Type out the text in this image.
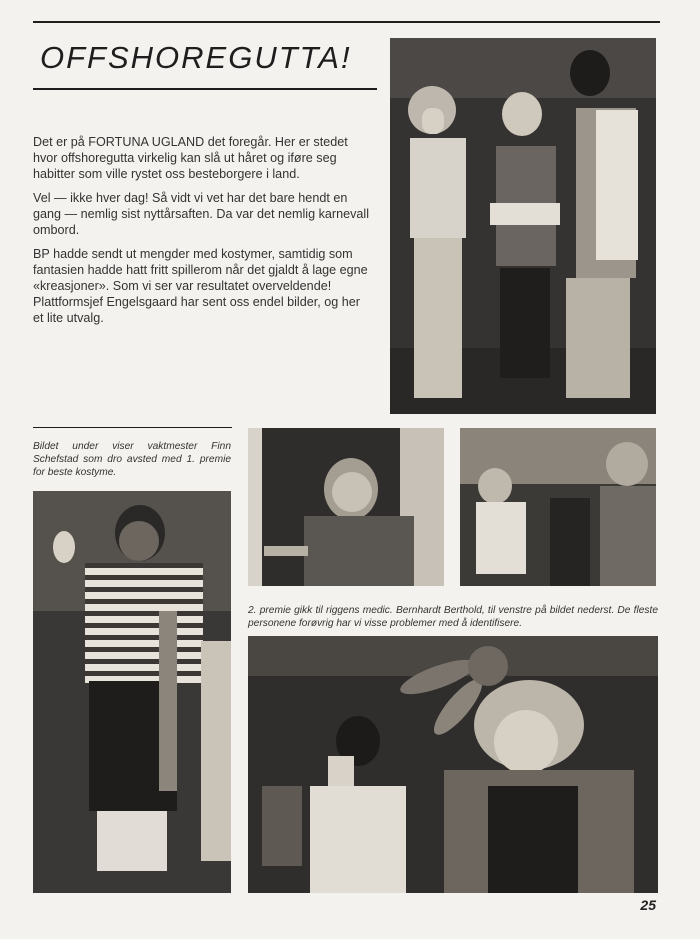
OFFSHOREGUTTA!

Det er på FORTUNA UGLAND det foregår. Her er stedet hvor offshoregutta virkelig kan slå ut håret og iføre seg habitter som ville rystet oss besteborgere i land.

Vel — ikke hver dag! Så vidt vi vet har det bare hendt en gang — nemlig sist nyttårsaften. Da var det nemlig karnevall ombord.

BP hadde sendt ut mengder med kostymer, samtidig som fantasien hadde hatt fritt spillerom når det gjaldt å lage egne «kreasjoner». Som vi ser var resultatet overveldende! Plattformsjef Engelsgaard har sent oss endel bilder, og her et lite utvalg.

Bildet under viser vaktmester Finn Schefstad som dro avsted med 1. premie for beste kostyme.
2. premie gikk til riggens medic. Bernhardt Berthold, til venstre på bildet nederst. De fleste personene forøvrig har vi visse problemer med å identifisere.
25
